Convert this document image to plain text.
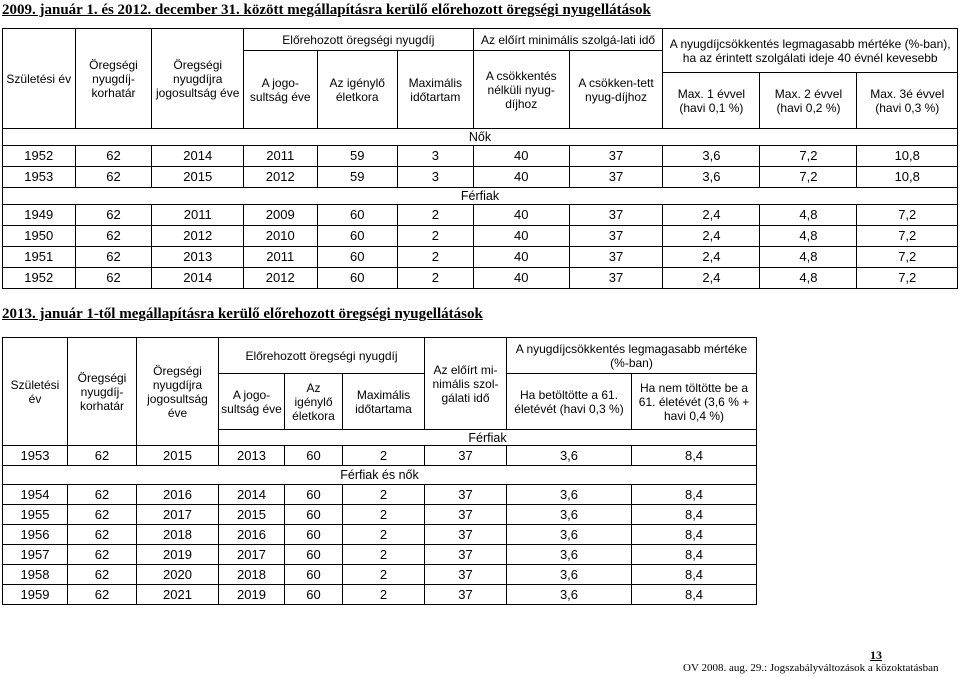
2009. január 1. és 2012. december 31. között megállapításra kerülő előrehozott öregségi nyugellátások
Születési év	Öregségi nyugdíj-korhatár	Öregségi nyugdíjra jogosultság éve	Előrehozott öregségi nyugdíj			Az előírt minimális szolgá-lati idő		A nyugdíjcsökkentés legmagasabb mértéke (%-ban), ha az érintett szolgálati ideje 40 évnél kevesebb		
			A jogo-sultság éve	Az igénylő életkora	Maximális időtartam	A csökkentés nélküli nyug-díjhoz	A csökken-tett nyug-díjhoz			
								Max. 1 évvel (havi 0,1 %)	Max. 2 évvel (havi 0,2 %)	Max. 3é évvel (havi 0,3 %)
Nők										
1952	62	2014	2011	59	3	40	37	3,6	7,2	10,8
1953	62	2015	2012	59	3	40	37	3,6	7,2	10,8
Férfiak										
1949	62	2011	2009	60	2	40	37	2,4	4,8	7,2
1950	62	2012	2010	60	2	40	37	2,4	4,8	7,2
1951	62	2013	2011	60	2	40	37	2,4	4,8	7,2
1952	62	2014	2012	60	2	40	37	2,4	4,8	7,2
2013. január 1-től megállapításra kerülő előrehozott öregségi nyugellátások
Születési év	Öregségi nyugdíj-korhatár	Öregségi nyugdíjra jogosultság éve	Előrehozott öregségi nyugdíj			Az előírt mi-nimális szol-gálati idő	A nyugdíjcsökkentés legmagasabb mértéke (%-ban)	
			A jogo-sultság éve	Az igénylő életkora	Maximális időtartama		Ha betöltötte a 61. életévét (havi 0,3 %)	Ha nem töltötte be a 61. életévét (3,6 % + havi 0,4 %)
			Férfiak					
1953	62	2015	2013	60	2	37	3,6	8,4
Férfiak és nők								
1954	62	2016	2014	60	2	37	3,6	8,4
1955	62	2017	2015	60	2	37	3,6	8,4
1956	62	2018	2016	60	2	37	3,6	8,4
1957	62	2019	2017	60	2	37	3,6	8,4
1958	62	2020	2018	60	2	37	3,6	8,4
1959	62	2021	2019	60	2	37	3,6	8,4
13
OV 2008. aug. 29.: Jogszabályváltozások a közoktatásban
